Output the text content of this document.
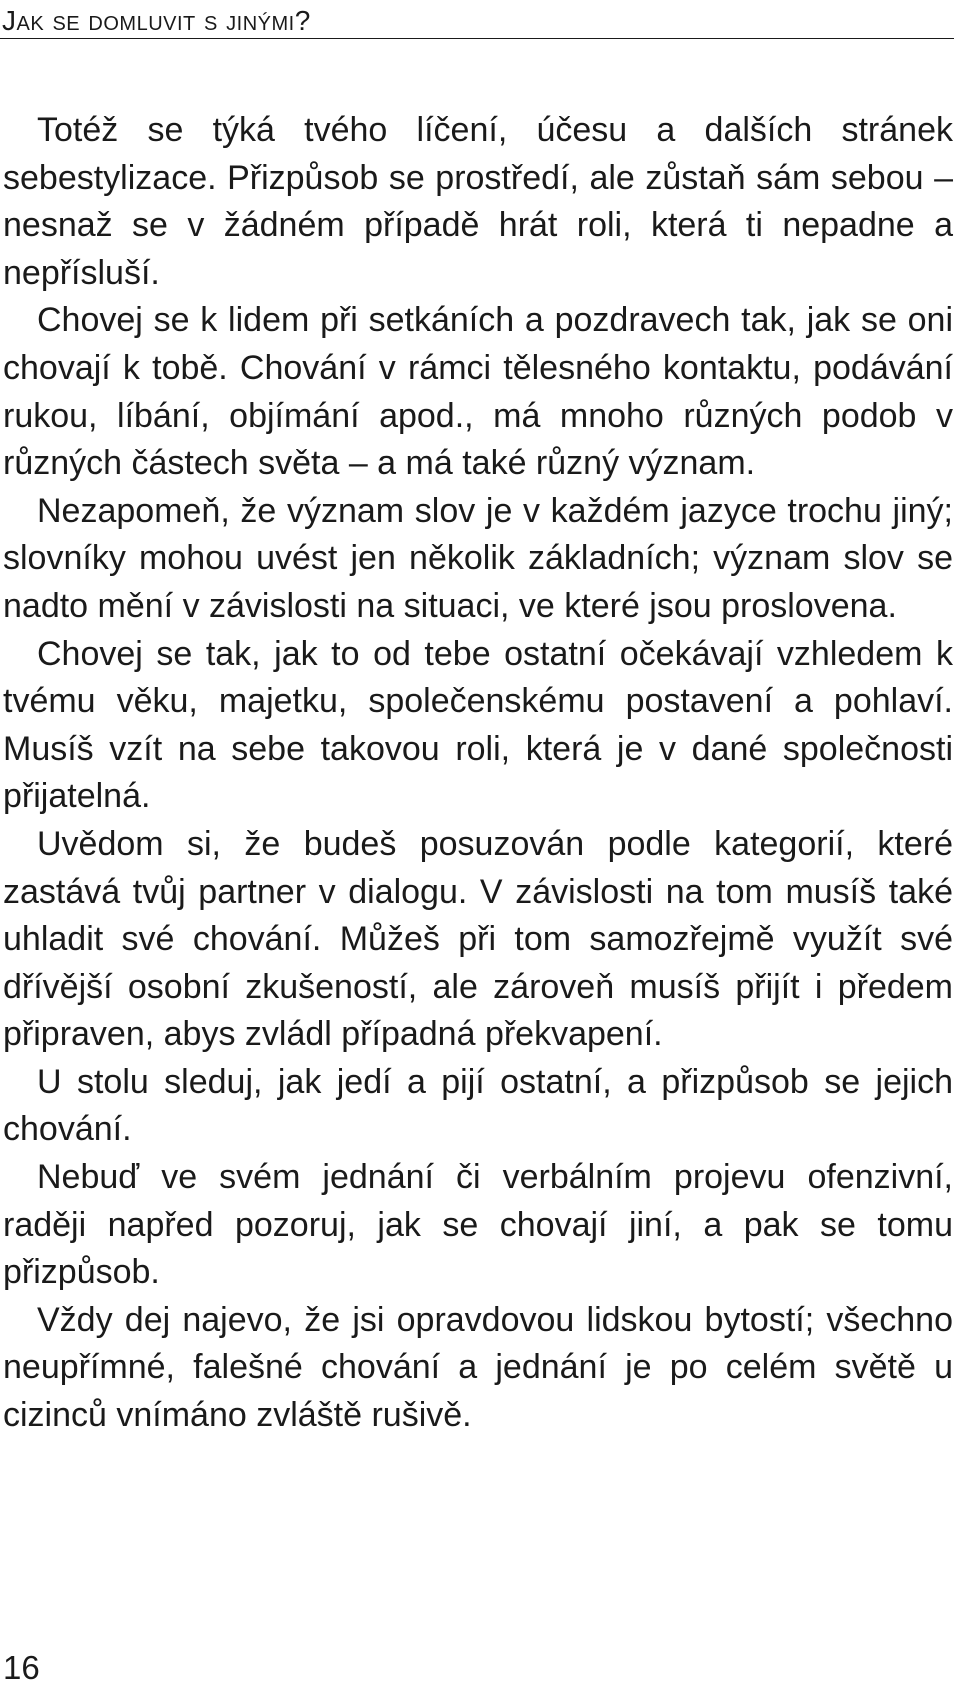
Jak se domluvit s jinými?

Totéž se týká tvého líčení, účesu a dalších stránek sebestylizace. Přizpůsob se prostředí, ale zůstaň sám sebou – nesnaž se v žádném případě hrát roli, která ti nepadne a nepřísluší.

Chovej se k lidem při setkáních a pozdravech tak, jak se oni chovají k tobě. Chování v rámci tělesného kontaktu, podávání rukou, líbání, objímání apod., má mnoho různých podob v různých částech světa – a má také různý význam.

Nezapomeň, že význam slov je v každém jazyce trochu jiný; slovníky mohou uvést jen několik základních; význam slov se nadto mění v závislosti na situaci, ve které jsou proslovena.

Chovej se tak, jak to od tebe ostatní očekávají vzhledem k tvému věku, majetku, společenskému postavení a pohlaví. Musíš vzít na sebe takovou roli, která je v dané společnosti přijatelná.

Uvědom si, že budeš posuzován podle kategorií, které zastává tvůj partner v dialogu. V závislosti na tom musíš také uhladit své chování. Můžeš při tom samozřejmě využít své dřívější osobní zkušeností, ale zároveň musíš přijít i předem připraven, abys zvládl případná překvapení.

U stolu sleduj, jak jedí a pijí ostatní, a přizpůsob se jejich chování.

Nebuď ve svém jednání či verbálním projevu ofenzivní, raději napřed pozoruj, jak se chovají jiní, a pak se tomu přizpůsob.

Vždy dej najevo, že jsi opravdovou lidskou bytostí; všechno neupřímné, falešné chování a jednání je po celém světě u cizinců vnímáno zvláště rušivě.

16
